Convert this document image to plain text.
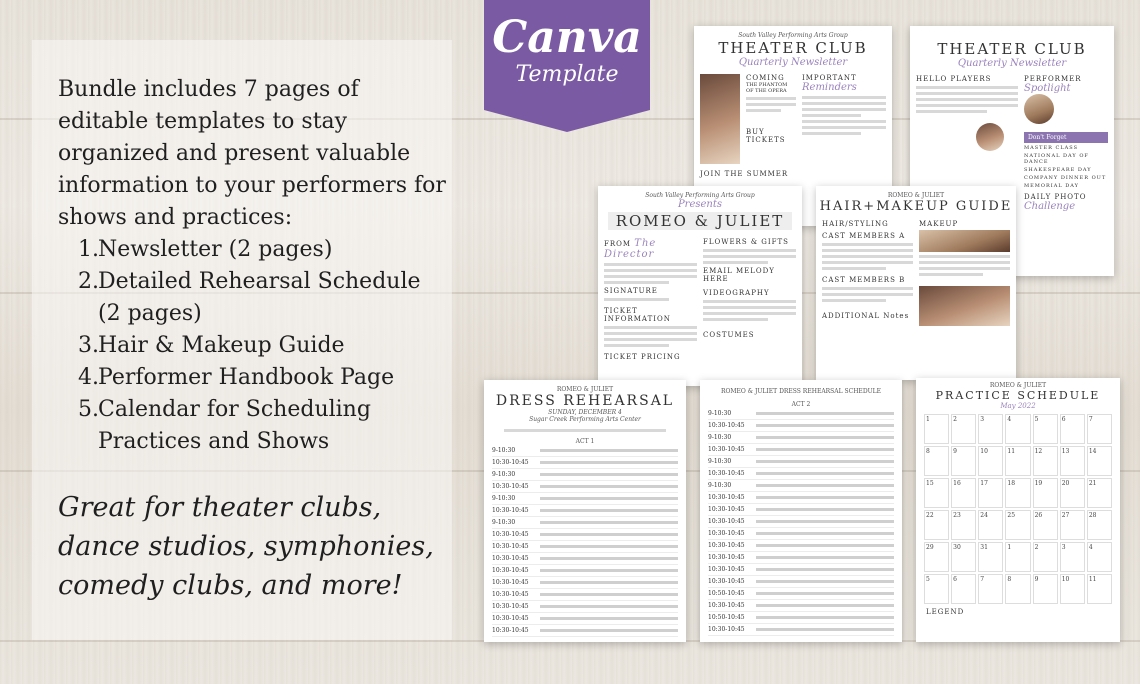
Bundle includes 7 pages of editable templates to stay organized and present valuable information to your performers for shows and practices:
1. Newsletter (2 pages)
2. Detailed Rehearsal Schedule (2 pages)
3. Hair & Makeup Guide
4. Performer Handbook Page
5. Calendar for Scheduling Practices and Shows
Great for theater clubs, dance studios, symphonies, comedy clubs, and more!
South Valley Performing Arts Group
THEATER CLUB
Quarterly Newsletter
COMING
THE PHANTOM OF THE OPERA
BUY TICKETS
IMPORTANT
Reminders
JOIN THE SUMMER
THEATER CLUB
Quarterly Newsletter
HELLO PLAYERS	PERFORMER
Spotlight
Don't Forget
MASTER CLASS
NATIONAL DAY OF DANCE
SHAKESPEARE DAY
COMPANY DINNER OUT
MEMORIAL DAY
DAILY PHOTO
Challenge
South Valley Performing Arts Group
Presents
ROMEO & JULIET
FROM The Director
SIGNATURE
TICKET INFORMATION
TICKET PRICING
FLOWERS & GIFTS
EMAIL MELODY HERE
VIDEOGRAPHY
COSTUMES
ROMEO & JULIET
HAIR+MAKEUP GUIDE
HAIR/STYLING
CAST MEMBERS A
CAST MEMBERS B
ADDITIONAL Notes
MAKEUP
ROMEO & JULIET
DRESS REHEARSAL
SUNDAY, DECEMBER 4
Sugar Creek Performing Arts Center
ACT 1
9-10:30
10:30-10:45
9-10:30
10:30-10:45
9-10:30
10:30-10:45
9-10:30
10:30-10:45
10:30-10:45
10:30-10:45
10:30-10:45
10:30-10:45
10:30-10:45
10:30-10:45
10:30-10:45
10:30-10:45
ROMEO & JULIET DRESS REHEARSAL SCHEDULE
ACT 2
9-10:30
10:30-10:45
9-10:30
10:30-10:45
9-10:30
10:30-10:45
9-10:30
10:30-10:45
10:30-10:45
10:30-10:45
10:30-10:45
10:30-10:45
10:30-10:45
10:30-10:45
10:30-10:45
10:50-10:45
10:30-10:45
10:50-10:45
10:30-10:45
ROMEO & JULIET
PRACTICE SCHEDULE
May 2022
1	2	3	4	5	6	7
8	9	10	11	12	13	14
15	16	17	18	19	20	21
22	23	24	25	26	27	28
29	30	31	1	2	3	4
5	6	7	8	9	10	11
LEGEND
Canva
Template
